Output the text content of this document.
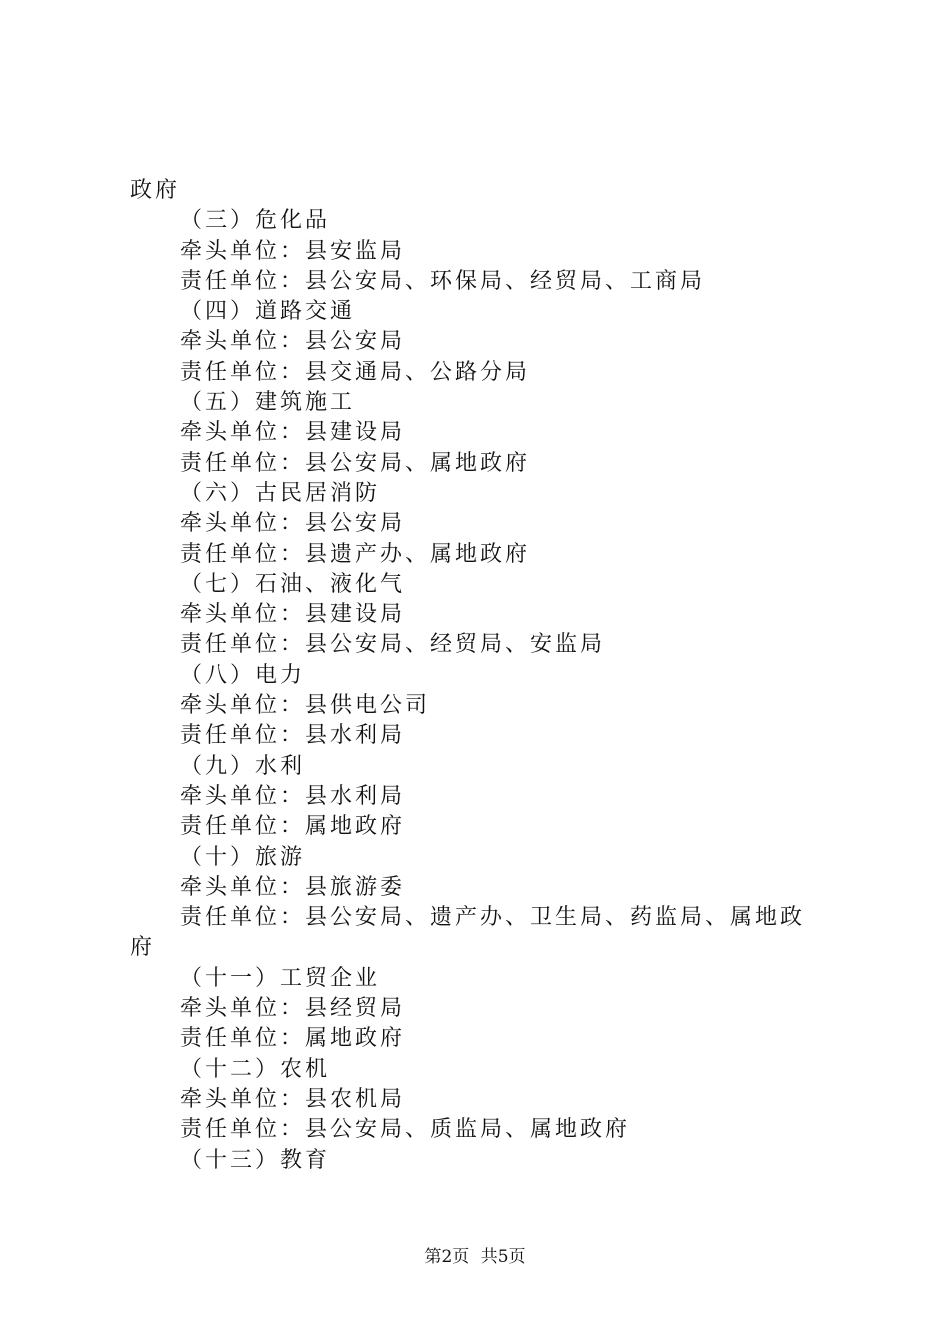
政府
（三）危化品
牵头单位：县安监局
责任单位：县公安局、环保局、经贸局、工商局
（四）道路交通
牵头单位：县公安局
责任单位：县交通局、公路分局
（五）建筑施工
牵头单位：县建设局
责任单位：县公安局、属地政府
（六）古民居消防
牵头单位：县公安局
责任单位：县遗产办、属地政府
（七）石油、液化气
牵头单位：县建设局
责任单位：县公安局、经贸局、安监局
（八）电力
牵头单位：县供电公司
责任单位：县水利局
（九）水利
牵头单位：县水利局
责任单位：属地政府
（十）旅游
牵头单位：县旅游委
责任单位：县公安局、遗产办、卫生局、药监局、属地政
府
（十一）工贸企业
牵头单位：县经贸局
责任单位：属地政府
（十二）农机
牵头单位：县农机局
责任单位：县公安局、质监局、属地政府
（十三）教育
第2页 共5页
